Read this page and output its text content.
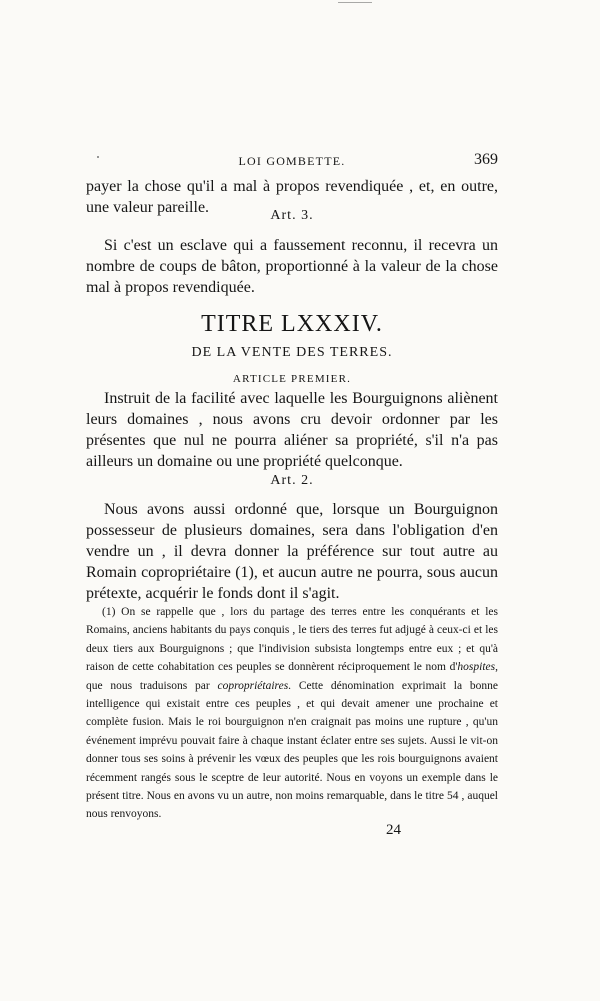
LOI GOMBETTE.	369
payer la chose qu'il a mal à propos revendiquée , et, en outre, une valeur pareille.	Art. 3.
Si c'est un esclave qui a faussement reconnu, il recevra un nombre de coups de bâton, proportionné à la valeur de la chose mal à propos revendiquée.
TITRE LXXXIV.
DE LA VENTE DES TERRES.
ARTICLE PREMIER.
Instruit de la facilité avec laquelle les Bourguignons aliènent leurs domaines , nous avons cru devoir ordonner par les présentes que nul ne pourra aliéner sa propriété, s'il n'a pas ailleurs un domaine ou une propriété quelconque.
Art. 2.
Nous avons aussi ordonné que, lorsque un Bourguignon possesseur de plusieurs domaines, sera dans l'obligation d'en vendre un , il devra donner la préférence sur tout autre au Romain copropriétaire (1), et aucun autre ne pourra, sous aucun prétexte, acquérir le fonds dont il s'agit.
(1) On se rappelle que , lors du partage des terres entre les conquérants et les Romains, anciens habitants du pays conquis , le tiers des terres fut adjugé à ceux-ci et les deux tiers aux Bourguignons ; que l'indivision subsista longtemps entre eux ; et qu'à raison de cette cohabitation ces peuples se donnèrent réciproquement le nom d'hospites, que nous traduisons par copropriétaires. Cette dénomination exprimait la bonne intelligence qui existait entre ces peuples , et qui devait amener une prochaine et complète fusion. Mais le roi bourguignon n'en craignait pas moins une rupture , qu'un événement imprévu pouvait faire à chaque instant éclater entre ses sujets. Aussi le vit-on donner tous ses soins à prévenir les vœux des peuples que les rois bourguignons avaient récemment rangés sous le sceptre de leur autorité. Nous en voyons un exemple dans le présent titre. Nous en avons vu un autre, non moins remarquable, dans le titre 54 , auquel nous renvoyons.
24
